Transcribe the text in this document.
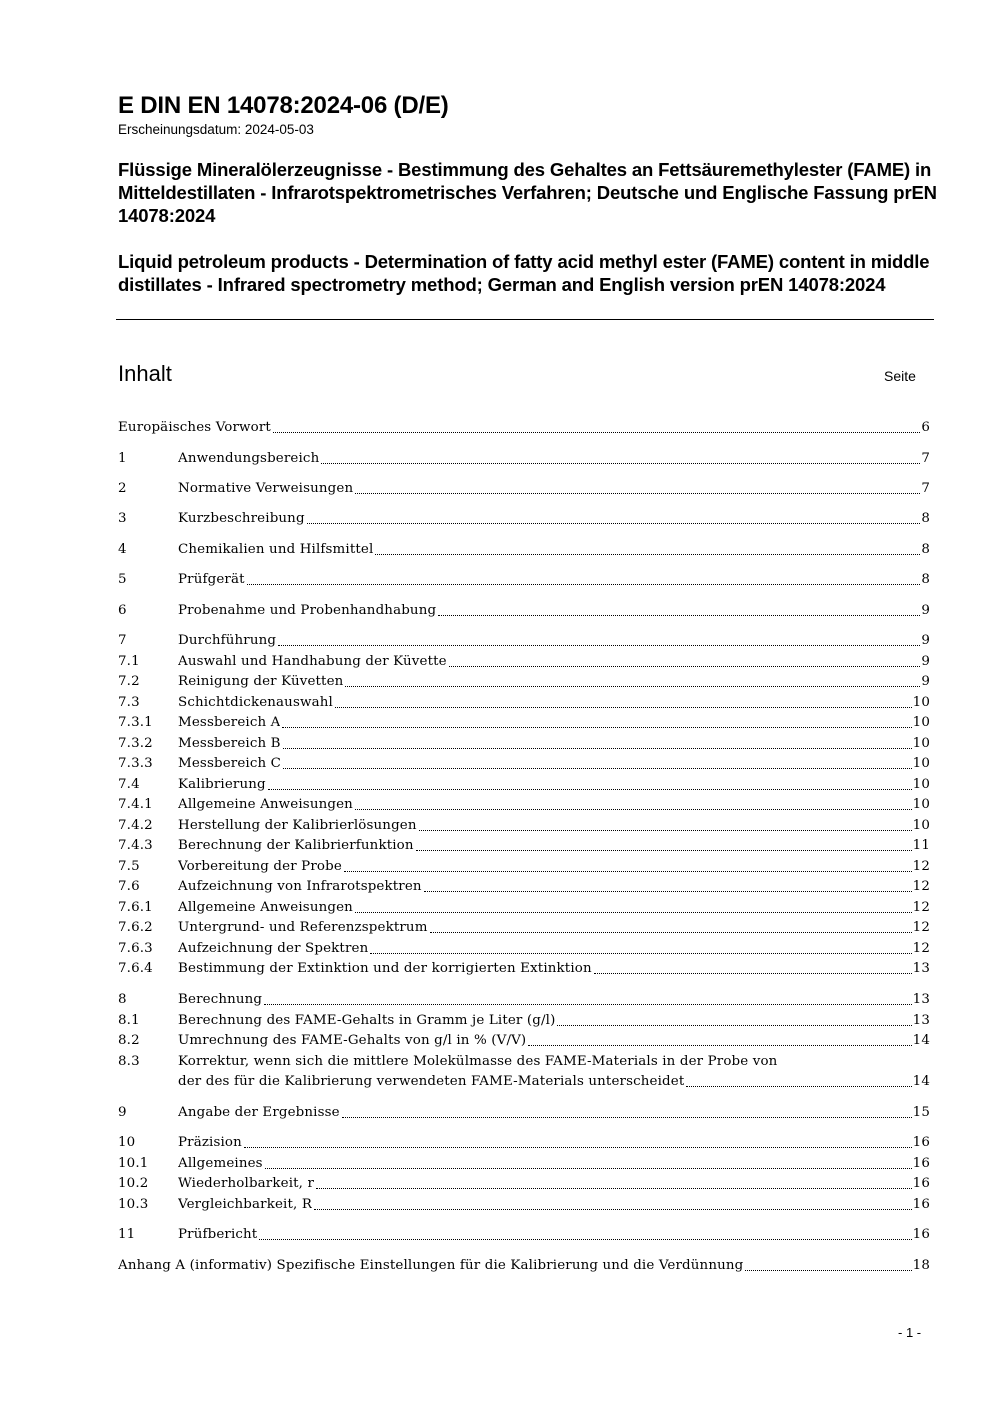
E DIN EN 14078:2024-06 (D/E)
Erscheinungsdatum: 2024-05-03
Flüssige Mineralölerzeugnisse - Bestimmung des Gehaltes an Fettsäuremethylester (FAME) in Mitteldestillaten - Infrarotspektrometrisches Verfahren; Deutsche und Englische Fassung prEN 14078:2024
Liquid petroleum products - Determination of fatty acid methyl ester (FAME) content in middle distillates - Infrared spectrometry method; German and English version prEN 14078:2024
Inhalt	Seite
Europäisches Vorwort	6
1	Anwendungsbereich	7
2	Normative Verweisungen	7
3	Kurzbeschreibung	8
4	Chemikalien und Hilfsmittel	8
5	Prüfgerät	8
6	Probenahme und Probenhandhabung	9
7	Durchführung	9
7.1	Auswahl und Handhabung der Küvette	9
7.2	Reinigung der Küvetten	9
7.3	Schichtdickenauswahl	10
7.3.1	Messbereich A	10
7.3.2	Messbereich B	10
7.3.3	Messbereich C	10
7.4	Kalibrierung	10
7.4.1	Allgemeine Anweisungen	10
7.4.2	Herstellung der Kalibrierlösungen	10
7.4.3	Berechnung der Kalibrierfunktion	11
7.5	Vorbereitung der Probe	12
7.6	Aufzeichnung von Infrarotspektren	12
7.6.1	Allgemeine Anweisungen	12
7.6.2	Untergrund- und Referenzspektrum	12
7.6.3	Aufzeichnung der Spektren	12
7.6.4	Bestimmung der Extinktion und der korrigierten Extinktion	13
8	Berechnung	13
8.1	Berechnung des FAME-Gehalts in Gramm je Liter (g/l)	13
8.2	Umrechnung des FAME-Gehalts von g/l in % (V/V)	14
8.3	Korrektur, wenn sich die mittlere Molekülmasse des FAME-Materials in der Probe von
der des für die Kalibrierung verwendeten FAME-Materials unterscheidet	14
9	Angabe der Ergebnisse	15
10	Präzision	16
10.1	Allgemeines	16
10.2	Wiederholbarkeit, r	16
10.3	Vergleichbarkeit, R	16
11	Prüfbericht	16
Anhang A (informativ) Spezifische Einstellungen für die Kalibrierung und die Verdünnung	18
- 1 -
